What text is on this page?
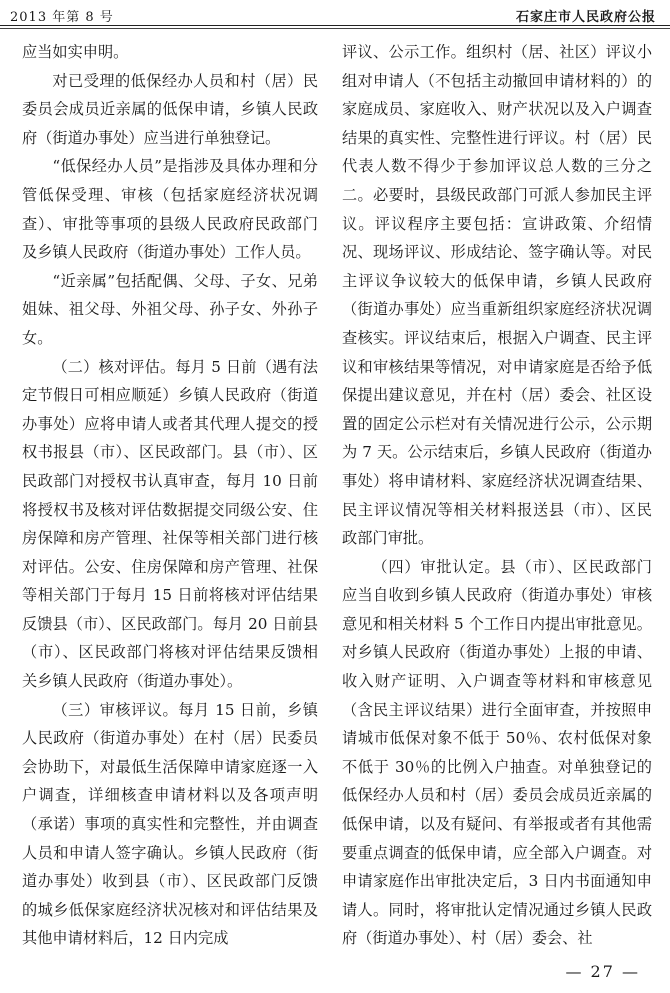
2013 年第 8 号	石家庄市人民政府公报

应当如实申明。

对已受理的低保经办人员和村（居）民委员会成员近亲属的低保申请，乡镇人民政府（街道办事处）应当进行单独登记。

“低保经办人员”是指涉及具体办理和分管低保受理、审核（包括家庭经济状况调查）、审批等事项的县级人民政府民政部门及乡镇人民政府（街道办事处）工作人员。

“近亲属”包括配偶、父母、子女、兄弟姐妹、祖父母、外祖父母、孙子女、外孙子女。

（二）核对评估。每月 5 日前（遇有法定节假日可相应顺延）乡镇人民政府（街道办事处）应将申请人或者其代理人提交的授权书报县（市）、区民政部门。县（市）、区民政部门对授权书认真审查，每月 10 日前将授权书及核对评估数据提交同级公安、住房保障和房产管理、社保等相关部门进行核对评估。公安、住房保障和房产管理、社保等相关部门于每月 15 日前将核对评估结果反馈县（市）、区民政部门。每月 20 日前县（市）、区民政部门将核对评估结果反馈相关乡镇人民政府（街道办事处）。

（三）审核评议。每月 15 日前，乡镇人民政府（街道办事处）在村（居）民委员会协助下，对最低生活保障申请家庭逐一入户调查，详细核查申请材料以及各项声明（承诺）事项的真实性和完整性，并由调查人员和申请人签字确认。乡镇人民政府（街道办事处）收到县（市）、区民政部门反馈的城乡低保家庭经济状况核对和评估结果及其他申请材料后，12 日内完成

评议、公示工作。组织村（居、社区）评议小组对申请人（不包括主动撤回申请材料的）的家庭成员、家庭收入、财产状况以及入户调查结果的真实性、完整性进行评议。村（居）民代表人数不得少于参加评议总人数的三分之二。必要时，县级民政部门可派人参加民主评议。评议程序主要包括：宣讲政策、介绍情况、现场评议、形成结论、签字确认等。对民主评议争议较大的低保申请，乡镇人民政府（街道办事处）应当重新组织家庭经济状况调查核实。评议结束后，根据入户调查、民主评议和审核结果等情况，对申请家庭是否给予低保提出建议意见，并在村（居）委会、社区设置的固定公示栏对有关情况进行公示，公示期为 7 天。公示结束后，乡镇人民政府（街道办事处）将申请材料、家庭经济状况调查结果、民主评议情况等相关材料报送县（市）、区民政部门审批。

（四）审批认定。县（市）、区民政部门应当自收到乡镇人民政府（街道办事处）审核意见和相关材料 5 个工作日内提出审批意见。对乡镇人民政府（街道办事处）上报的申请、收入财产证明、入户调查等材料和审核意见（含民主评议结果）进行全面审查，并按照申请城市低保对象不低于 50％、农村低保对象不低于 30％的比例入户抽查。对单独登记的低保经办人员和村（居）委员会成员近亲属的低保申请，以及有疑问、有举报或者有其他需要重点调查的低保申请，应全部入户调查。对申请家庭作出审批决定后，3 日内书面通知申请人。同时，将审批认定情况通过乡镇人民政府（街道办事处）、村（居）委会、社

— 27 —
